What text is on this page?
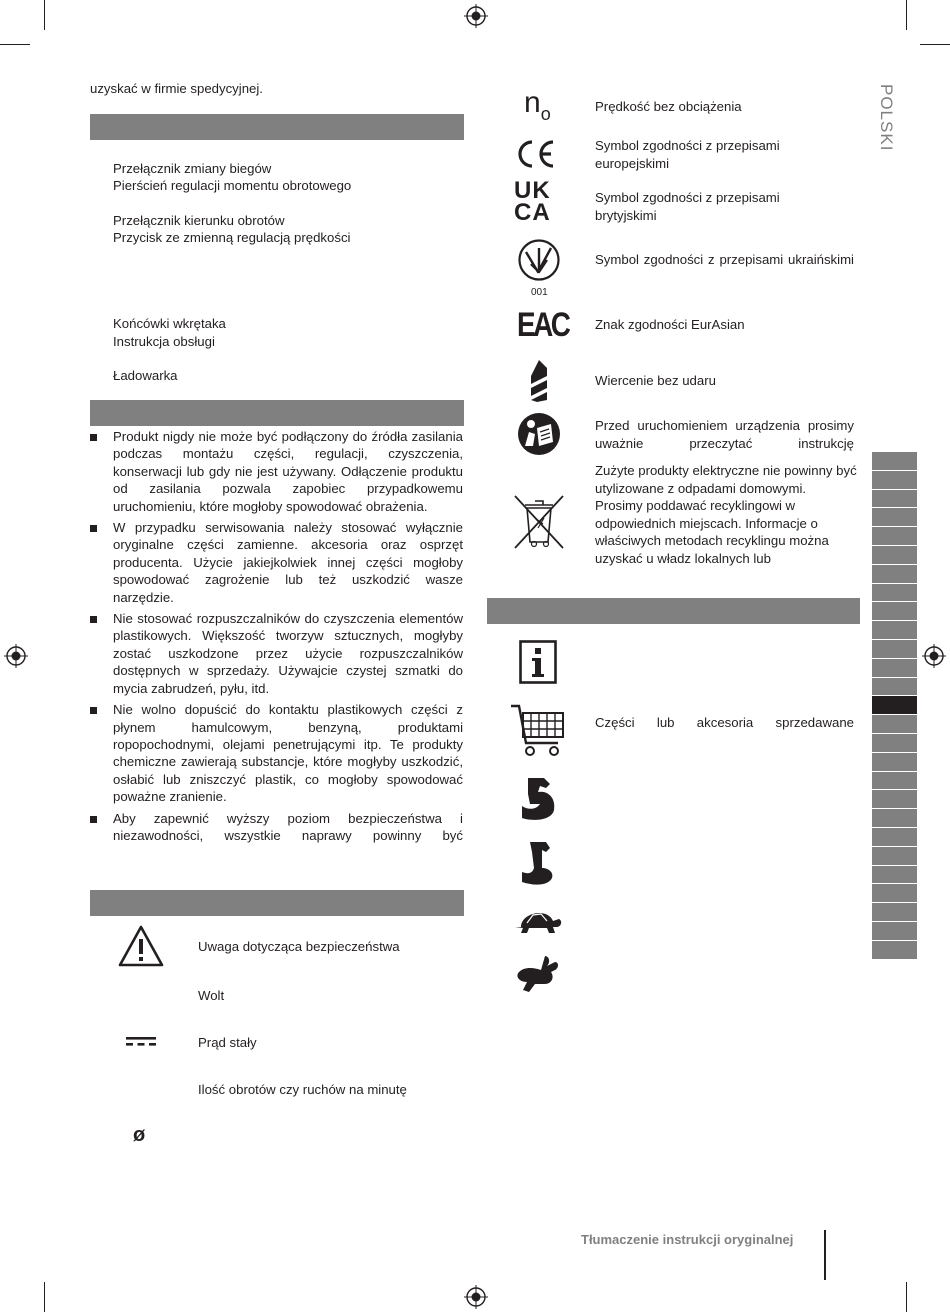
uzyskać w firmie spedycyjnej.
Przełącznik zmiany biegów
Pierścień regulacji momentu obrotowego
Przełącznik kierunku obrotów
Przycisk ze zmienną regulacją prędkości
Końcówki wkrętaka
Instrukcja obsługi
Ładowarka
Produkt nigdy nie może być podłączony do źródła zasilania podczas montażu części, regulacji, czyszczenia, konserwacji lub gdy nie jest używany. Odłączenie produktu od zasilania pozwala zapobiec przypadkowemu uruchomieniu, które mogłoby spowodować obrażenia.
W przypadku serwisowania należy stosować wyłącznie oryginalne części zamienne. akcesoria oraz osprzęt producenta. Użycie jakiejkolwiek innej części mogłoby spowodować zagrożenie lub też uszkodzić wasze narzędzie.
Nie stosować rozpuszczalników do czyszczenia elementów plastikowych. Większość tworzyw sztucznych, mogłyby zostać uszkodzone przez użycie rozpuszczalników dostępnych w sprzedaży. Używajcie czystej szmatki do mycia zabrudzeń, pyłu, itd.
Nie wolno dopuścić do kontaktu plastikowych części z płynem hamulcowym, benzyną, produktami ropopochodnymi, olejami penetrującymi itp. Te produkty chemiczne zawierają substancje, które mogłyby uszkodzić, osłabić lub zniszczyć plastik, co mogłoby spowodować poważne zranienie.
Aby zapewnić wyższy poziom bezpieczeństwa i niezawodności, wszystkie naprawy powinny być
Uwaga dotycząca bezpieczeństwa
Wolt
Prąd stały
Ilość obrotów czy ruchów na minutę
ø
no	Prędkość bez obciążenia
Symbol zgodności z przepisami europejskimi
UK
CA
Symbol zgodności z przepisami brytyjskimi
001
Symbol zgodności z przepisami ukraińskimi
EAC Znak zgodności EurAsian
Wiercenie bez udaru
Przed uruchomieniem urządzenia prosimy uważnie przeczytać instrukcję
Zużyte produkty elektryczne nie powinny być utylizowane z odpadami domowymi. Prosimy poddawać recyklingowi w odpowiednich miejscach. Informacje o właściwych metodach recyklingu można uzyskać u władz lokalnych lub
Części lub akcesoria sprzedawane
POLSKI
Tłumaczenie instrukcji oryginalnej
